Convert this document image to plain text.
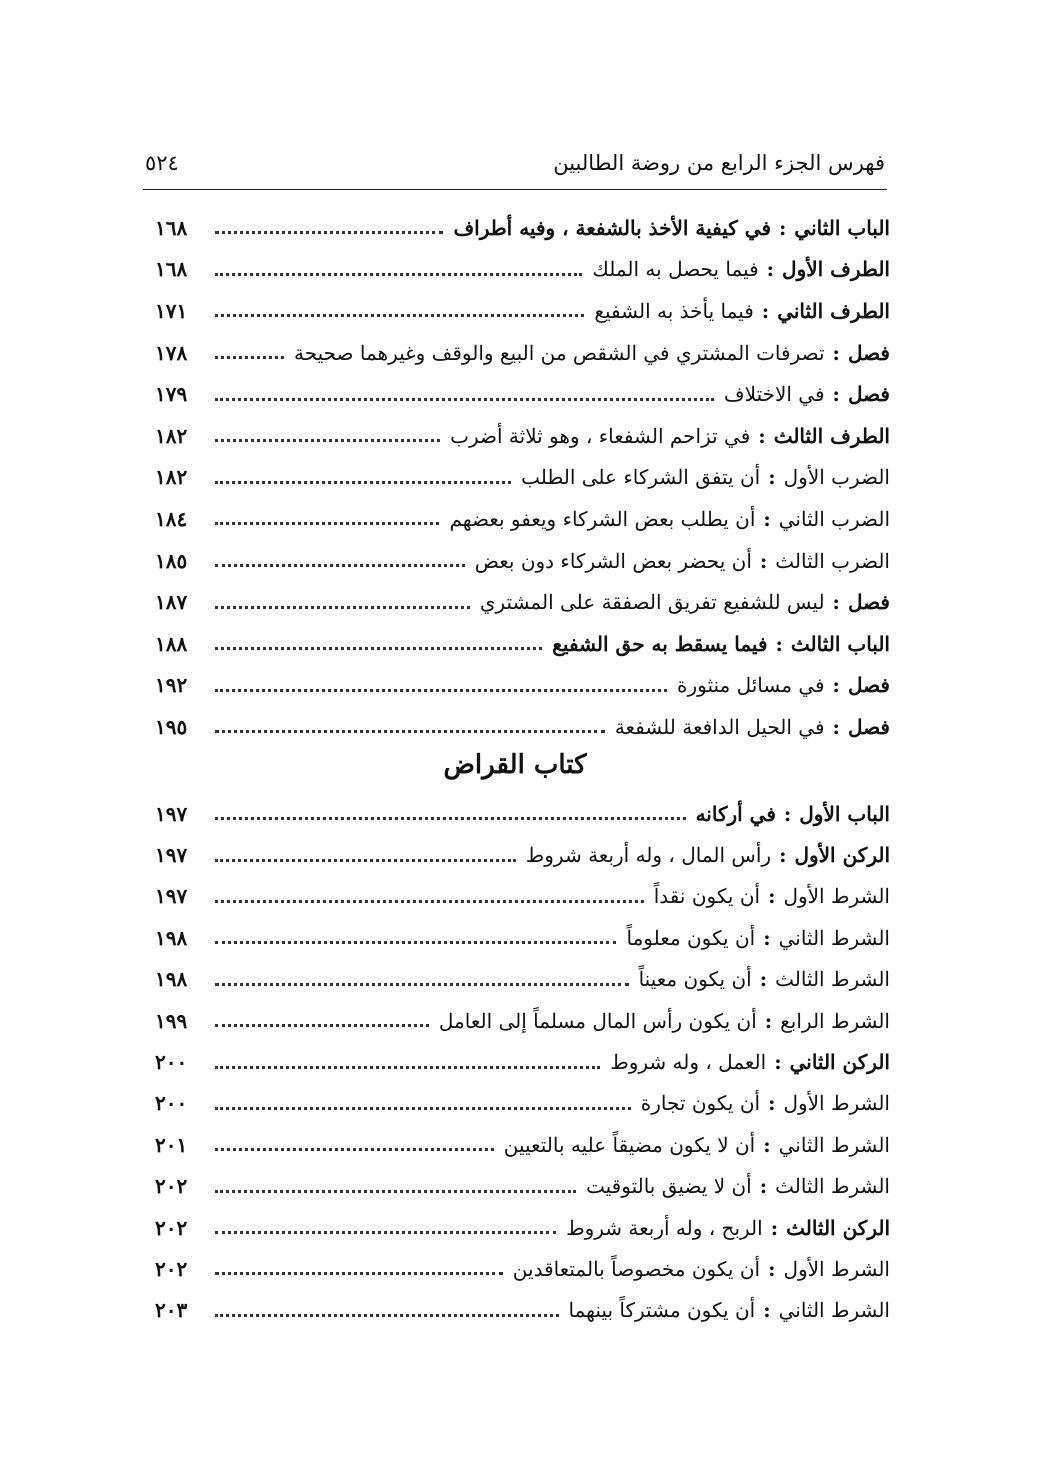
فهرس الجزء الرابع من روضة الطالبين
٥٢٤
الباب الثاني
:
في كيفية الأخذ بالشفعة ، وفيه أطراف
١٦٨
الطرف الأول
:
فيما يحصل به الملك
١٦٨
الطرف الثاني
:
فيما يأخذ به الشفيع
١٧١
فصل
:
تصرفات المشتري في الشقص من البيع والوقف وغيرهما صحيحة
١٧٨
فصل
:
في الاختلاف
١٧٩
الطرف الثالث
:
في تزاحم الشفعاء ، وهو ثلاثة أضرب
١٨٢
الضرب الأول
:
أن يتفق الشركاء على الطلب
١٨٢
الضرب الثاني
:
أن يطلب بعض الشركاء ويعفو بعضهم
١٨٤
الضرب الثالث
:
أن يحضر بعض الشركاء دون بعض
١٨٥
فصل
:
ليس للشفيع تفريق الصفقة على المشتري
١٨٧
الباب الثالث
:
فيما يسقط به حق الشفيع
١٨٨
فصل
:
في مسائل منثورة
١٩٢
فصل
:
في الحيل الدافعة للشفعة
١٩٥
كتاب القراض
الباب الأول
:
في أركانه
١٩٧
الركن الأول
:
رأس المال ، وله أربعة شروط
١٩٧
الشرط الأول
:
أن يكون نقداً
١٩٧
الشرط الثاني
:
أن يكون معلوماً
١٩٨
الشرط الثالث
:
أن يكون معيناً
١٩٨
الشرط الرابع
:
أن يكون رأس المال مسلماً إلى العامل
١٩٩
الركن الثاني
:
العمل ، وله شروط
٢٠٠
الشرط الأول
:
أن يكون تجارة
٢٠٠
الشرط الثاني
:
أن لا يكون مضيقاً عليه بالتعيين
٢٠١
الشرط الثالث
:
أن لا يضيق بالتوقيت
٢٠٢
الركن الثالث
:
الربح ، وله أربعة شروط
٢٠٢
الشرط الأول
:
أن يكون مخصوصاً بالمتعاقدين
٢٠٢
الشرط الثاني
:
أن يكون مشتركاً بينهما
٢٠٣
